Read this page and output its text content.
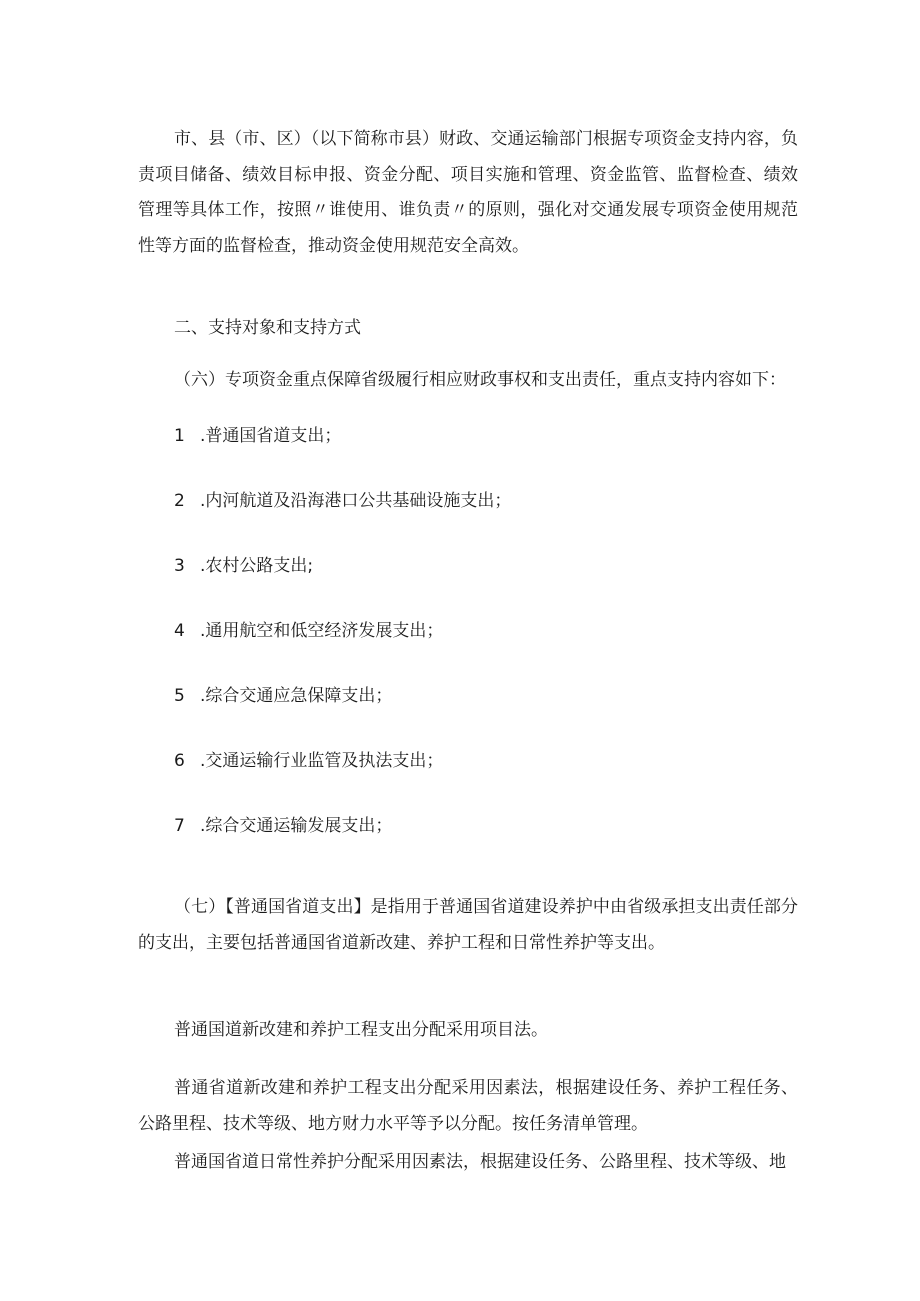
市、县（市、区）（以下简称市县）财政、交通运输部门根据专项资金支持内容，负责项目储备、绩效目标申报、资金分配、项目实施和管理、资金监管、监督检查、绩效管理等具体工作，按照〃谁使用、谁负责〃的原则，强化对交通发展专项资金使用规范性等方面的监督检查，推动资金使用规范安全高效。

二、支持对象和支持方式
（六）专项资金重点保障省级履行相应财政事权和支出责任，重点支持内容如下：
1 .普通国省道支出；
2 .内河航道及沿海港口公共基础设施支出；
3 .农村公路支出;
4 .通用航空和低空经济发展支出；
5 .综合交通应急保障支出；
6 .交通运输行业监管及执法支出；
7 .综合交通运输发展支出；

（七）【普通国省道支出】是指用于普通国省道建设养护中由省级承担支出责任部分的支出，主要包括普通国省道新改建、养护工程和日常性养护等支出。

普通国道新改建和养护工程支出分配采用项目法。

普通省道新改建和养护工程支出分配采用因素法，根据建设任务、养护工程任务、公路里程、技术等级、地方财力水平等予以分配。按任务清单管理。

普通国省道日常性养护分配采用因素法，根据建设任务、公路里程、技术等级、地
